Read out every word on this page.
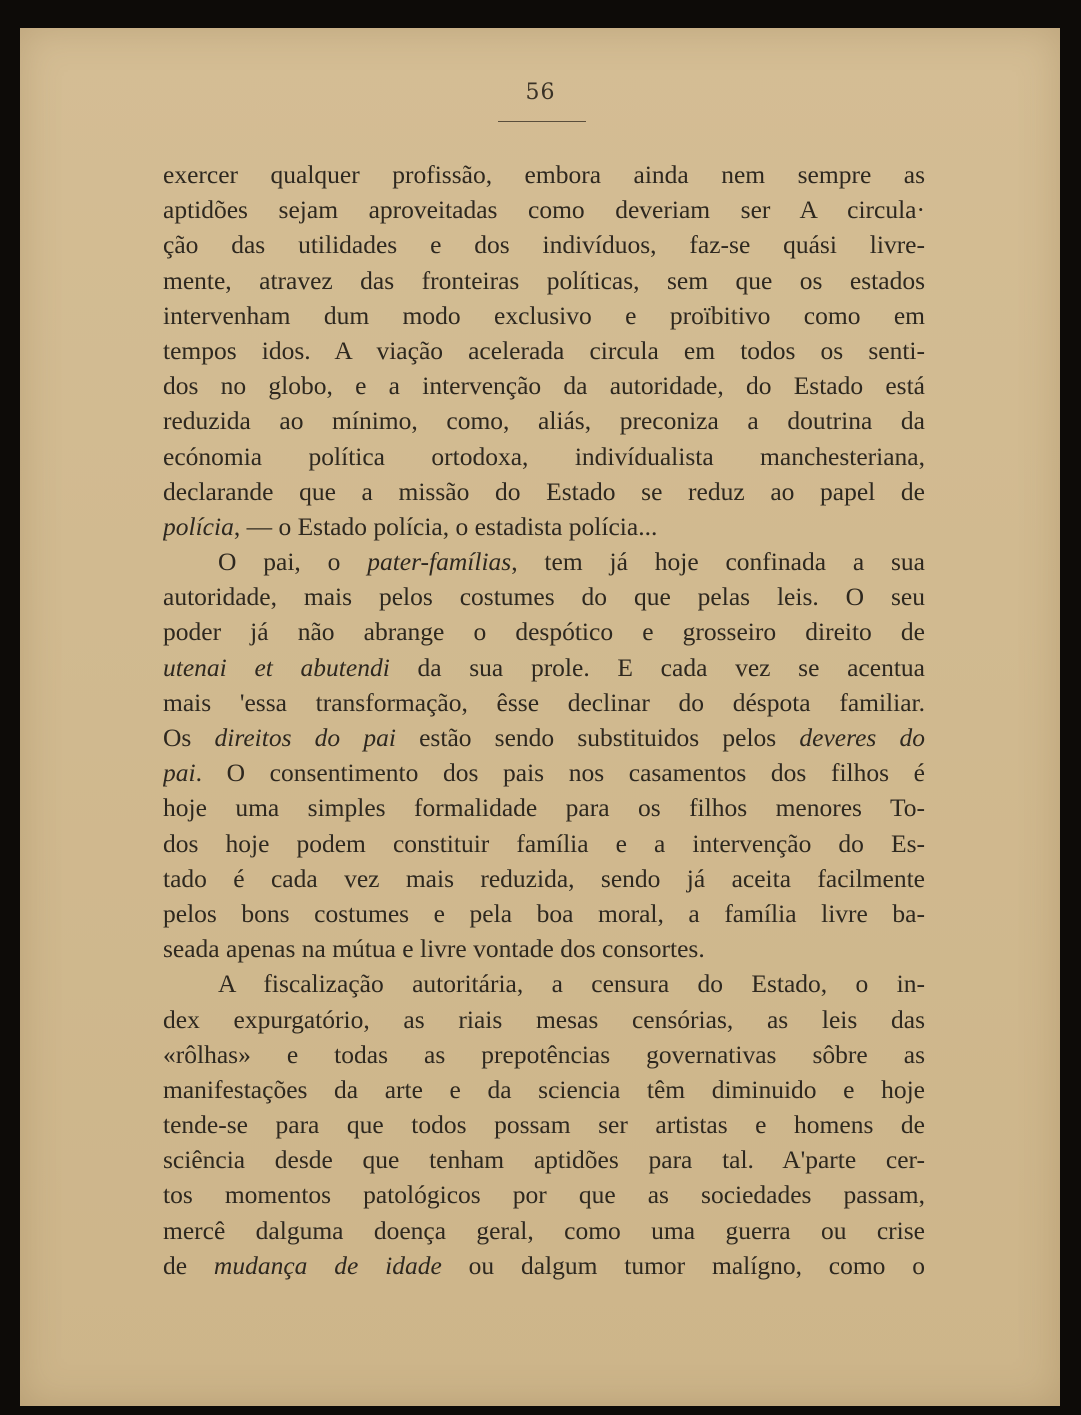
56
exercer qualquer profissão, embora ainda nem sempre as
aptidões sejam aproveitadas como deveriam ser A circula·
ção das utilidades e dos indivíduos, faz-se quási livre-
mente, atravez das fronteiras políticas, sem que os estados
intervenham dum modo exclusivo e proïbitivo como em
tempos idos. A viação acelerada circula em todos os senti-
dos no globo, e a intervenção da autoridade, do Estado está
reduzida ao mínimo, como, aliás, preconiza a doutrina da
ecónomia política ortodoxa, indivídualista manchesteriana,
declarande que a missão do Estado se reduz ao papel de
polícia, — o Estado polícia, o estadista polícia...
O pai, o pater-famílias, tem já hoje confinada a sua
autoridade, mais pelos costumes do que pelas leis. O seu
poder já não abrange o despótico e grosseiro direito de
utenai et abutendi da sua prole. E cada vez se acentua
mais 'essa transformação, êsse declinar do déspota familiar.
Os direitos do pai estão sendo substituidos pelos deveres do
pai. O consentimento dos pais nos casamentos dos filhos é
hoje uma simples formalidade para os filhos menores To-
dos hoje podem constituir família e a intervenção do Es-
tado é cada vez mais reduzida, sendo já aceita facilmente
pelos bons costumes e pela boa moral, a família livre ba-
seada apenas na mútua e livre vontade dos consortes.
A fiscalização autoritária, a censura do Estado, o in-
dex expurgatório, as riais mesas censórias, as leis das
«rôlhas» e todas as prepotências governativas sôbre as
manifestações da arte e da sciencia têm diminuido e hoje
tende-se para que todos possam ser artistas e homens de
sciência desde que tenham aptidões para tal. A'parte cer-
tos momentos patológicos por que as sociedades passam,
mercê dalguma doença geral, como uma guerra ou crise
de mudança de idade ou dalgum tumor malígno, como o
